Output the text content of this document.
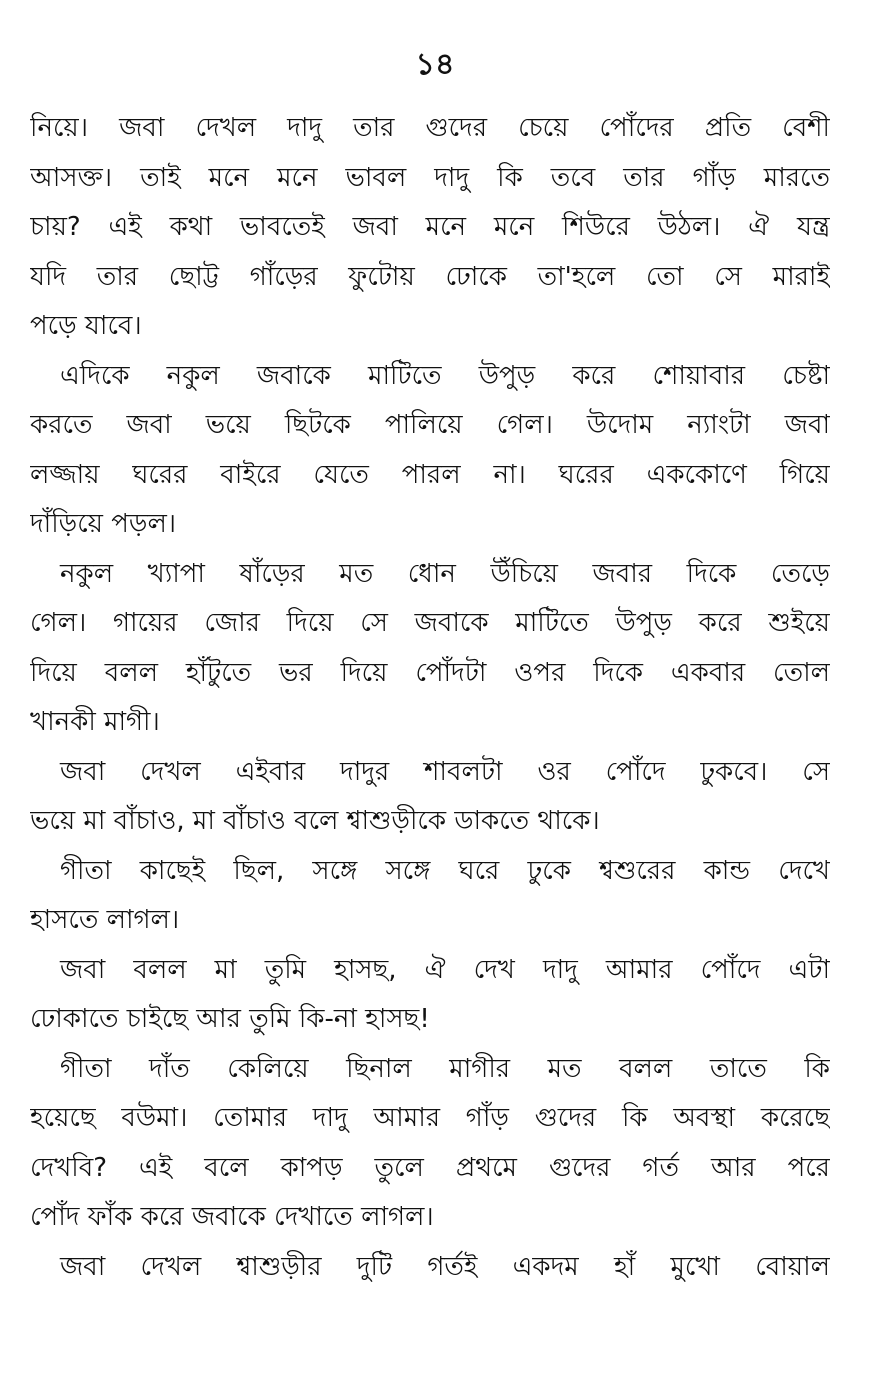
১৪
নিয়ে। জবা দেখল দাদু তার গুদের চেয়ে পোঁদের প্রতি বেশী
আসক্ত। তাই মনে মনে ভাবল দাদু কি তবে তার গাঁড় মারতে
চায়? এই কথা ভাবতেই জবা মনে মনে শিউরে উঠল। ঐ যন্ত্র
যদি তার ছোট্ট গাঁড়ের ফুটোয় ঢোকে তা'হলে তো সে মারাই
পড়ে যাবে।
এদিকে নকুল জবাকে মাটিতে উপুড় করে শোয়াবার চেষ্টা
করতে জবা ভয়ে ছিটকে পালিয়ে গেল। উদোম ন্যাংটা জবা
লজ্জায় ঘরের বাইরে যেতে পারল না। ঘরের এককোণে গিয়ে
দাঁড়িয়ে পড়ল।
নকুল খ্যাপা ষাঁড়ের মত ধোন উঁচিয়ে জবার দিকে তেড়ে
গেল। গায়ের জোর দিয়ে সে জবাকে মাটিতে উপুড় করে শুইয়ে
দিয়ে বলল হাঁটুতে ভর দিয়ে পোঁদটা ওপর দিকে একবার তোল
খানকী মাগী।
জবা দেখল এইবার দাদুর শাবলটা ওর পোঁদে ঢুকবে। সে
ভয়ে মা বাঁচাও, মা বাঁচাও বলে শ্বাশুড়ীকে ডাকতে থাকে।
গীতা কাছেই ছিল, সঙ্গে সঙ্গে ঘরে ঢুকে শ্বশুরের কান্ড দেখে
হাসতে লাগল।
জবা বলল মা তুমি হাসছ, ঐ দেখ দাদু আমার পোঁদে এটা
ঢোকাতে চাইছে আর তুমি কি-না হাসছ!
গীতা দাঁত কেলিয়ে ছিনাল মাগীর মত বলল তাতে কি
হয়েছে বউমা। তোমার দাদু আমার গাঁড় গুদের কি অবস্থা করেছে
দেখবি? এই বলে কাপড় তুলে প্রথমে গুদের গর্ত আর পরে
পোঁদ ফাঁক করে জবাকে দেখাতে লাগল।
জবা দেখল শ্বাশুড়ীর দুটি গর্তই একদম হাঁ মুখো বোয়াল
